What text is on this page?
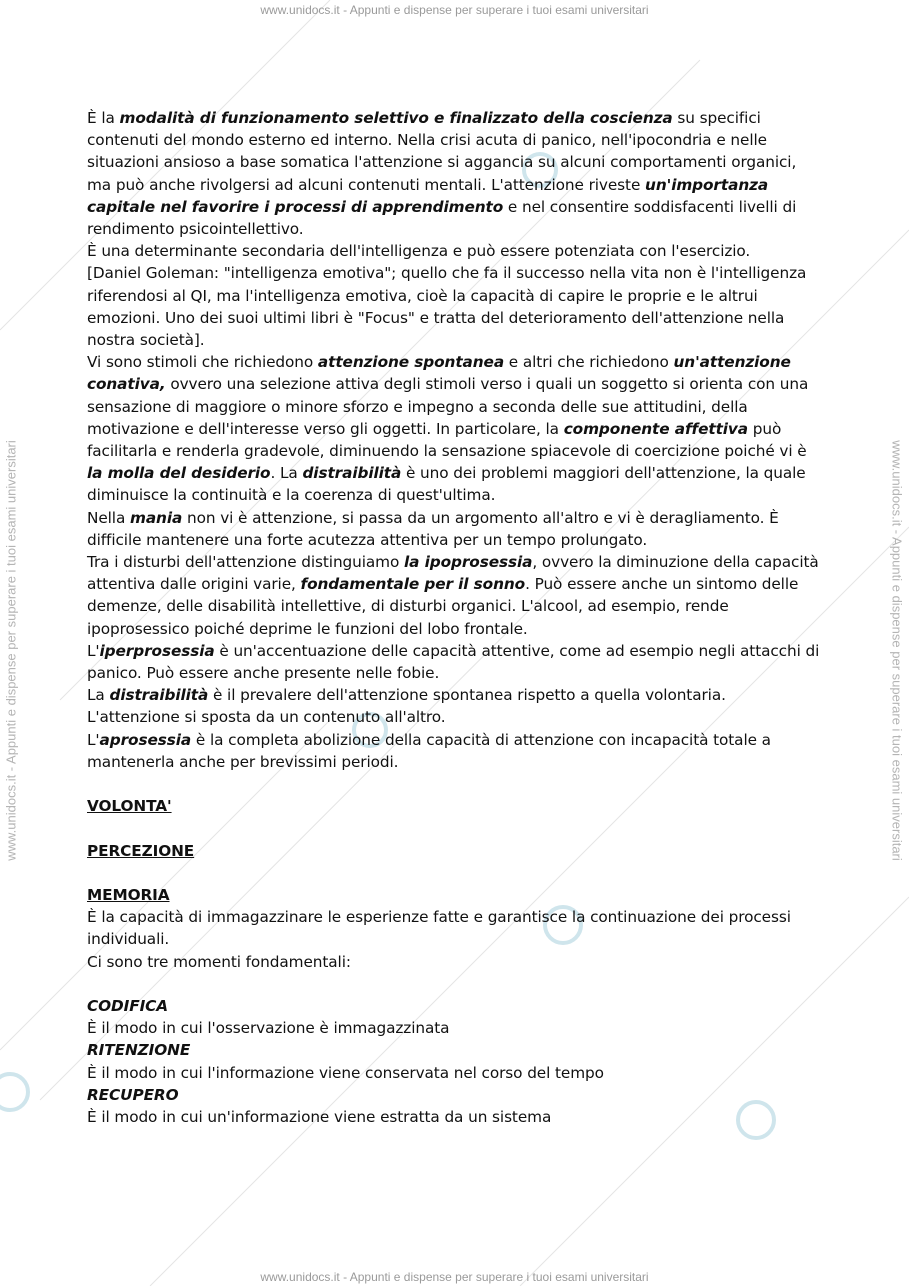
www.unidocs.it - Appunti e dispense per superare i tuoi esami universitari
www.unidocs.it - Appunti e dispense per superare i tuoi esami universitari
www.unidocs.it - Appunti e dispense per superare i tuoi esami universitari	www.unidocs.it - Appunti e dispense per superare i tuoi esami universitari

È la modalità di funzionamento selettivo e finalizzato della coscienza su specifici contenuti del mondo esterno ed interno. Nella crisi acuta di panico, nell'ipocondria e nelle situazioni ansioso a base somatica l'attenzione si aggancia su alcuni comportamenti organici, ma può anche rivolgersi ad alcuni contenuti mentali. L'attenzione riveste un'importanza capitale nel favorire i processi di apprendimento e nel consentire soddisfacenti livelli di rendimento psicointellettivo.

È una determinante secondaria dell'intelligenza e può essere potenziata con l'esercizio.

[Daniel Goleman: "intelligenza emotiva"; quello che fa il successo nella vita non è l'intelligenza riferendosi al QI, ma l'intelligenza emotiva, cioè la capacità di capire le proprie e le altrui emozioni. Uno dei suoi ultimi libri è "Focus" e tratta del deterioramento dell'attenzione nella nostra società].

Vi sono stimoli che richiedono attenzione spontanea e altri che richiedono un'attenzione conativa, ovvero una selezione attiva degli stimoli verso i quali un soggetto si orienta con una sensazione di maggiore o minore sforzo e impegno a seconda delle sue attitudini, della motivazione e dell'interesse verso gli oggetti. In particolare, la componente affettiva può facilitarla e renderla gradevole, diminuendo la sensazione spiacevole di coercizione poiché vi è la molla del desiderio. La distraibilità è uno dei problemi maggiori dell'attenzione, la quale diminuisce la continuità e la coerenza di quest'ultima.

Nella mania non vi è attenzione, si passa da un argomento all'altro e vi è deragliamento. È difficile mantenere una forte acutezza attentiva per un tempo prolungato.

Tra i disturbi dell'attenzione distinguiamo la ipoprosessia, ovvero la diminuzione della capacità attentiva dalle origini varie, fondamentale per il sonno. Può essere anche un sintomo delle demenze, delle disabilità intellettive, di disturbi organici. L'alcool, ad esempio, rende ipoprosessico poiché deprime le funzioni del lobo frontale.

L'iperprosessia è un'accentuazione delle capacità attentive, come ad esempio negli attacchi di panico. Può essere anche presente nelle fobie.

La distraibilità è il prevalere dell'attenzione spontanea rispetto a quella volontaria.

L'attenzione si sposta da un contenuto all'altro.

L'aprosessia è la completa abolizione della capacità di attenzione con incapacità totale a mantenerla anche per brevissimi periodi.

VOLONTA'

PERCEZIONE

MEMORIA

È la capacità di immagazzinare le esperienze fatte e garantisce la continuazione dei processi individuali.

Ci sono tre momenti fondamentali:

CODIFICA

È il modo in cui l'osservazione è immagazzinata

RITENZIONE

È il modo in cui l'informazione viene conservata nel corso del tempo

RECUPERO

È il modo in cui un'informazione viene estratta da un sistema
